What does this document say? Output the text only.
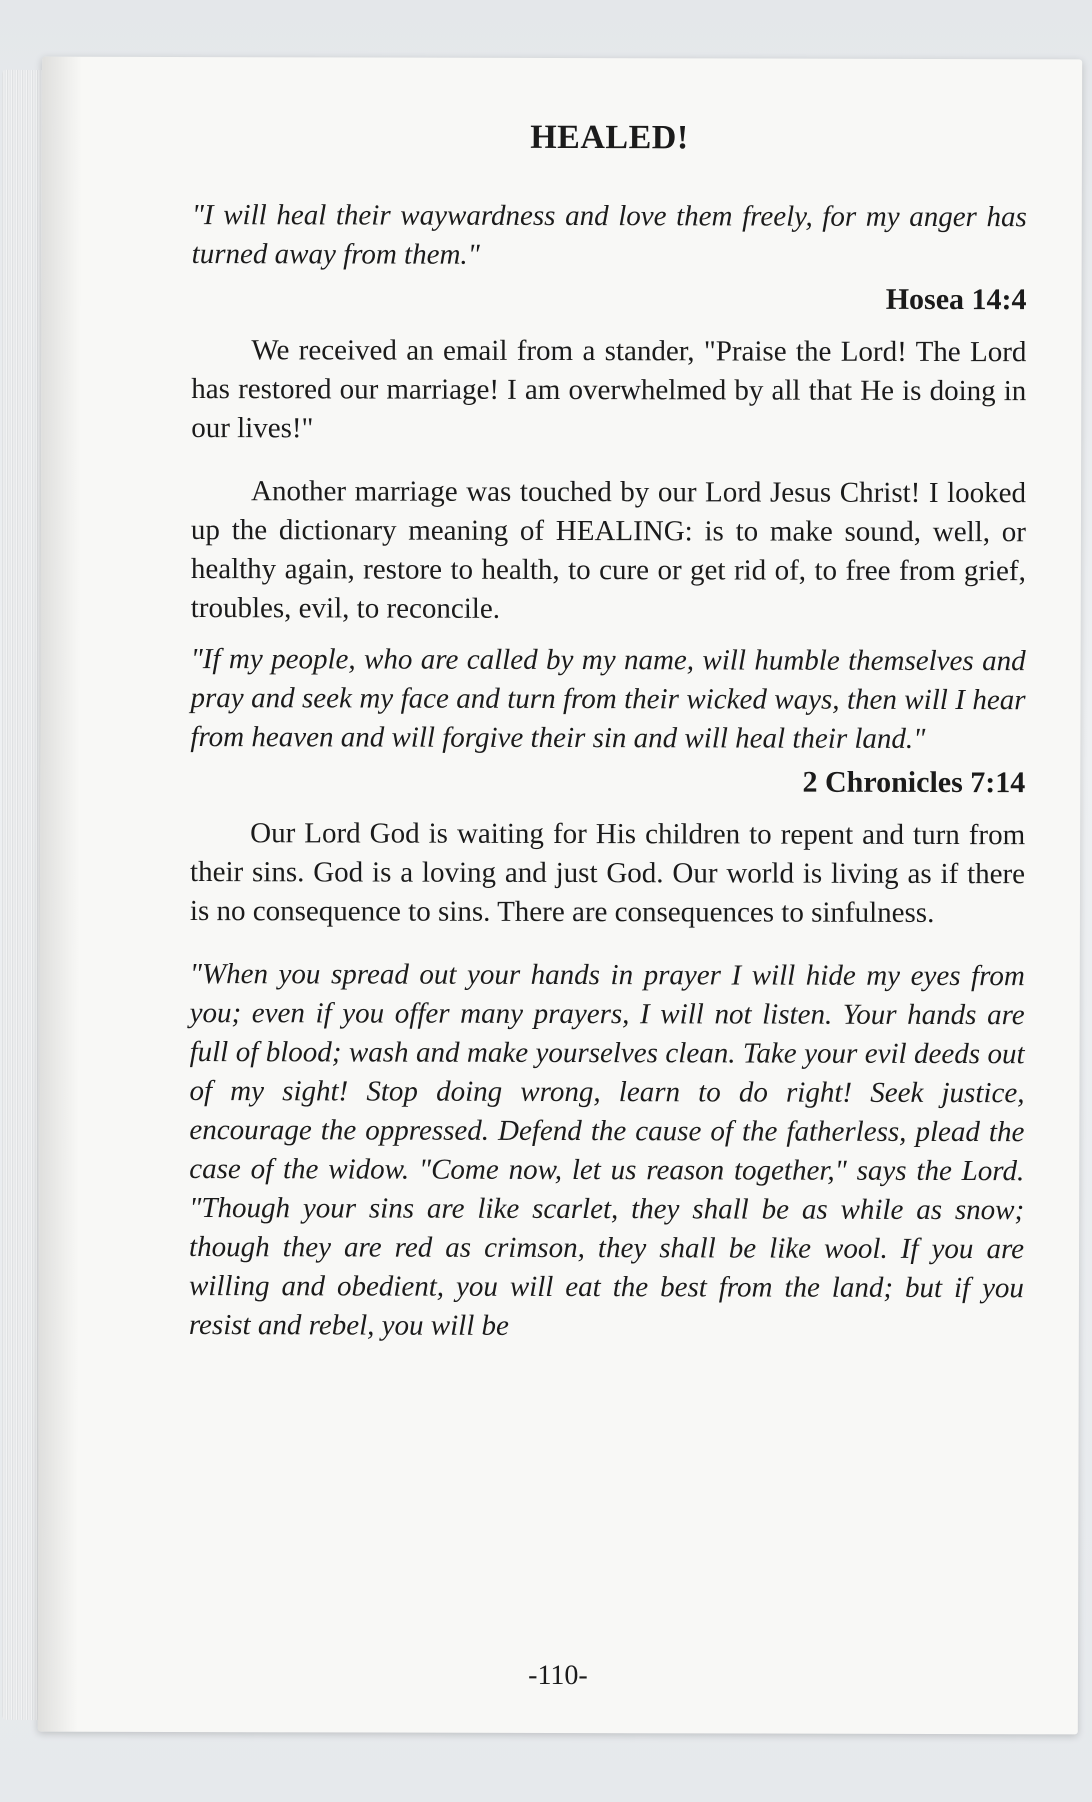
HEALED!

"I will heal their waywardness and love them freely, for my anger has turned away from them."

Hosea 14:4

We received an email from a stander, "Praise the Lord! The Lord has restored our marriage! I am overwhelmed by all that He is doing in our lives!"

Another marriage was touched by our Lord Jesus Christ! I looked up the dictionary meaning of HEALING: is to make sound, well, or healthy again, restore to health, to cure or get rid of, to free from grief, troubles, evil, to reconcile.

"If my people, who are called by my name, will humble themselves and pray and seek my face and turn from their wicked ways, then will I hear from heaven and will forgive their sin and will heal their land."

2 Chronicles 7:14

Our Lord God is waiting for His children to repent and turn from their sins. God is a loving and just God. Our world is living as if there is no consequence to sins. There are consequences to sinfulness.

"When you spread out your hands in prayer I will hide my eyes from you; even if you offer many prayers, I will not listen. Your hands are full of blood; wash and make yourselves clean. Take your evil deeds out of my sight! Stop doing wrong, learn to do right! Seek justice, encourage the oppressed. Defend the cause of the fatherless, plead the case of the widow. "Come now, let us reason together," says the Lord. "Though your sins are like scarlet, they shall be as while as snow; though they are red as crimson, they shall be like wool. If you are willing and obedient, you will eat the best from the land; but if you resist and rebel, you will be

-110-
